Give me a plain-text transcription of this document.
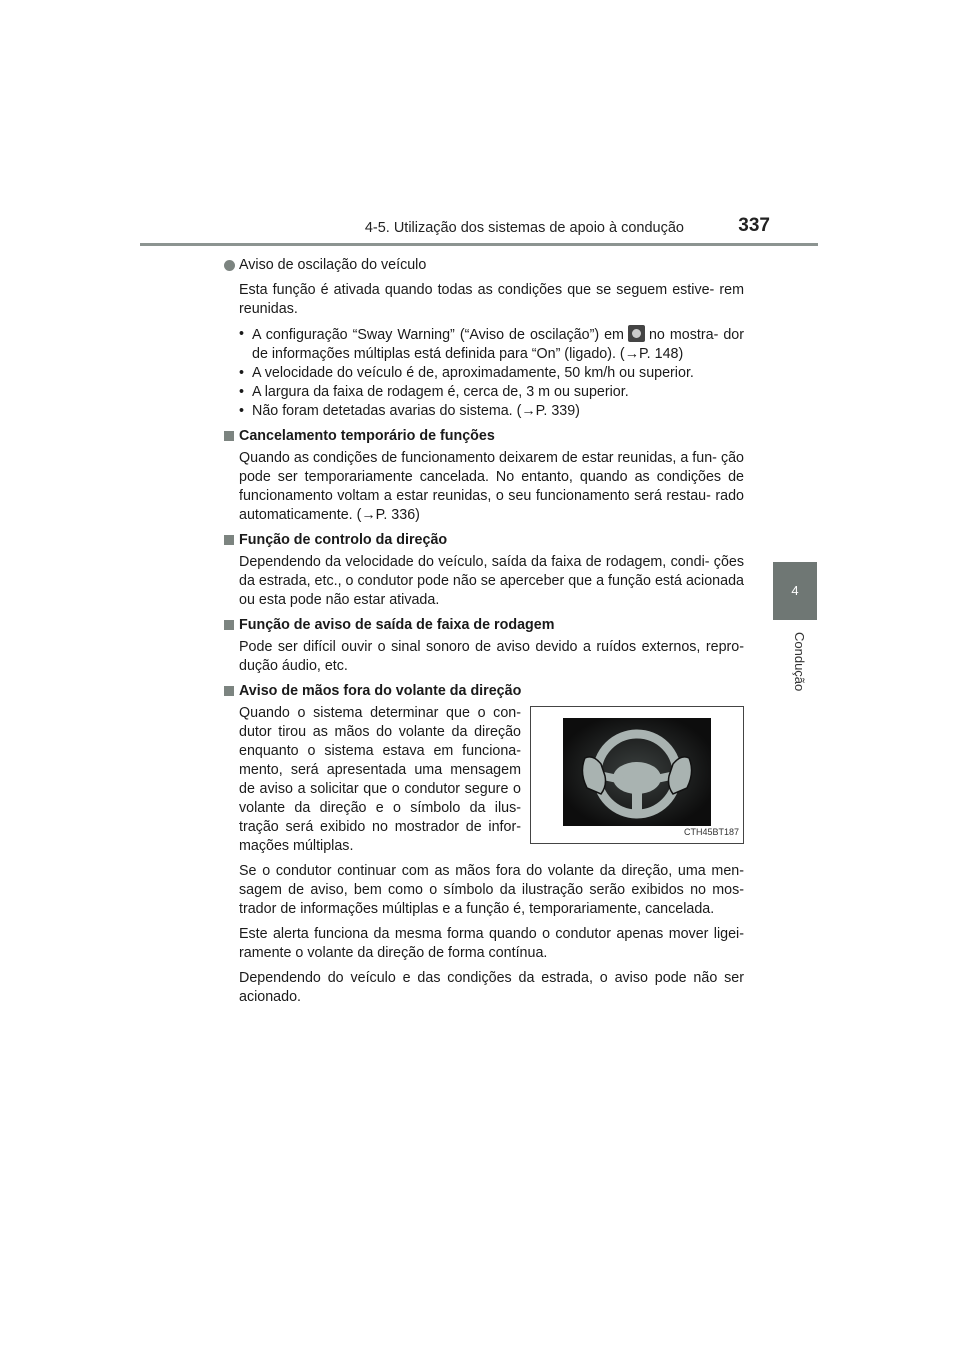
4-5. Utilização dos sistemas de apoio à condução	337
4
Condução
Aviso de oscilação do veículo

Esta função é ativada quando todas as condições que se seguem estive- rem reunidas.

• A configuração “Sway Warning” (“Aviso de oscilação”) em no mostra- dor de informações múltiplas está definida para “On” (ligado). (→P. 148)
• A velocidade do veículo é de, aproximadamente, 50 km/h ou superior.
• A largura da faixa de rodagem é, cerca de, 3 m ou superior.
• Não foram detetadas avarias do sistema. (→P. 339)
Cancelamento temporário de funções

Quando as condições de funcionamento deixarem de estar reunidas, a fun- ção pode ser temporariamente cancelada. No entanto, quando as condições de funcionamento voltam a estar reunidas, o seu funcionamento será restau- rado automaticamente. (→P. 336)

Função de controlo da direção

Dependendo da velocidade do veículo, saída da faixa de rodagem, condi- ções da estrada, etc., o condutor pode não se aperceber que a função está acionada ou esta pode não estar ativada.

Função de aviso de saída de faixa de rodagem

Pode ser difícil ouvir o sinal sonoro de aviso devido a ruídos externos, repro- dução áudio, etc.

Aviso de mãos fora do volante da direção

Quando o sistema determinar que o con- dutor tirou as mãos do volante da direção enquanto o sistema estava em funciona- mento, será apresentada uma mensagem de aviso a solicitar que o condutor segure o volante da direção e o símbolo da ilus- tração será exibido no mostrador de infor- mações múltiplas.

CTH45BT187

Se o condutor continuar com as mãos fora do volante da direção, uma men- sagem de aviso, bem como o símbolo da ilustração serão exibidos no mos- trador de informações múltiplas e a função é, temporariamente, cancelada.

Este alerta funciona da mesma forma quando o condutor apenas mover ligei- ramente o volante da direção de forma contínua.

Dependendo do veículo e das condições da estrada, o aviso pode não ser acionado.
